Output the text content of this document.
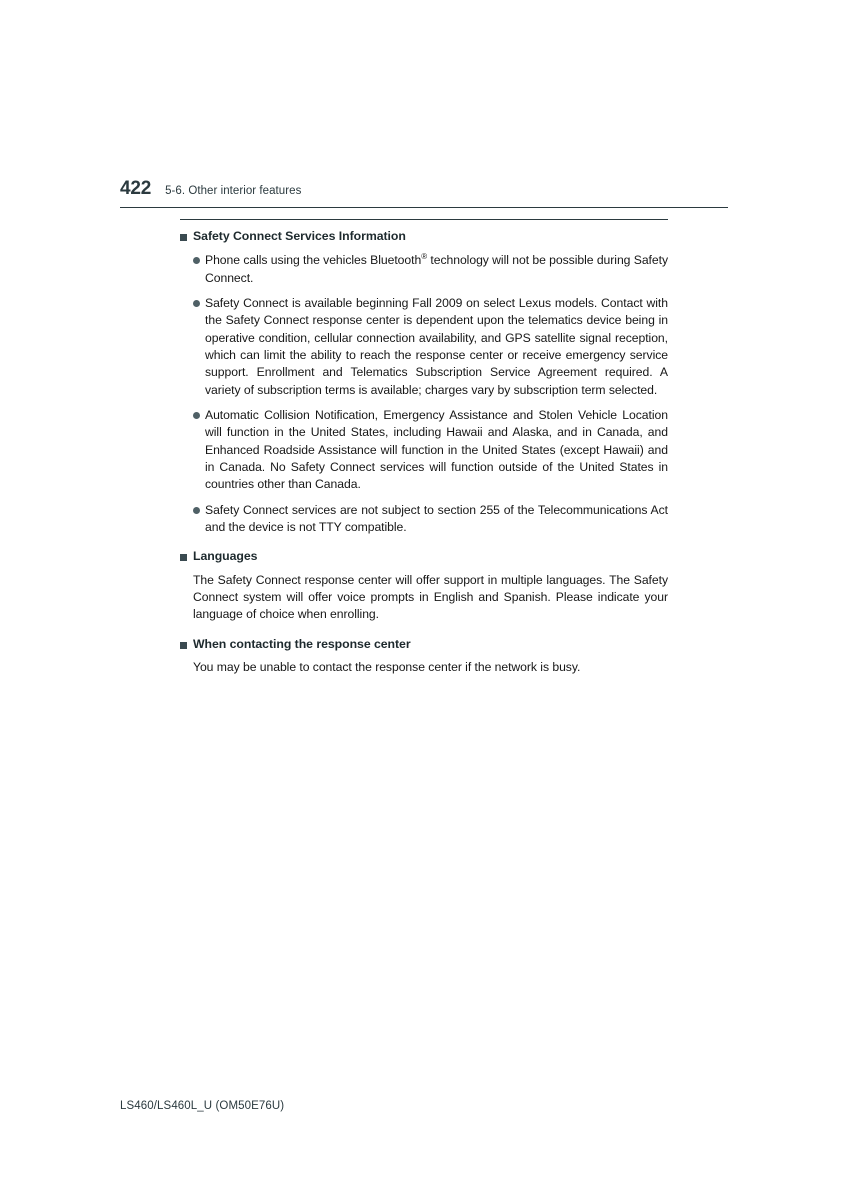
422 5-6. Other interior features
Safety Connect Services Information
Phone calls using the vehicles Bluetooth® technology will not be possible during Safety Connect.
Safety Connect is available beginning Fall 2009 on select Lexus models. Contact with the Safety Connect response center is dependent upon the telematics device being in operative condition, cellular connection availability, and GPS satellite signal reception, which can limit the ability to reach the response center or receive emergency service support. Enrollment and Telematics Subscription Service Agreement required. A variety of subscription terms is available; charges vary by subscription term selected.
Automatic Collision Notification, Emergency Assistance and Stolen Vehicle Location will function in the United States, including Hawaii and Alaska, and in Canada, and Enhanced Roadside Assistance will function in the United States (except Hawaii) and in Canada. No Safety Connect services will function outside of the United States in countries other than Canada.
Safety Connect services are not subject to section 255 of the Telecommunications Act and the device is not TTY compatible.
Languages
The Safety Connect response center will offer support in multiple languages. The Safety Connect system will offer voice prompts in English and Spanish. Please indicate your language of choice when enrolling.
When contacting the response center
You may be unable to contact the response center if the network is busy.
LS460/LS460L_U (OM50E76U)
